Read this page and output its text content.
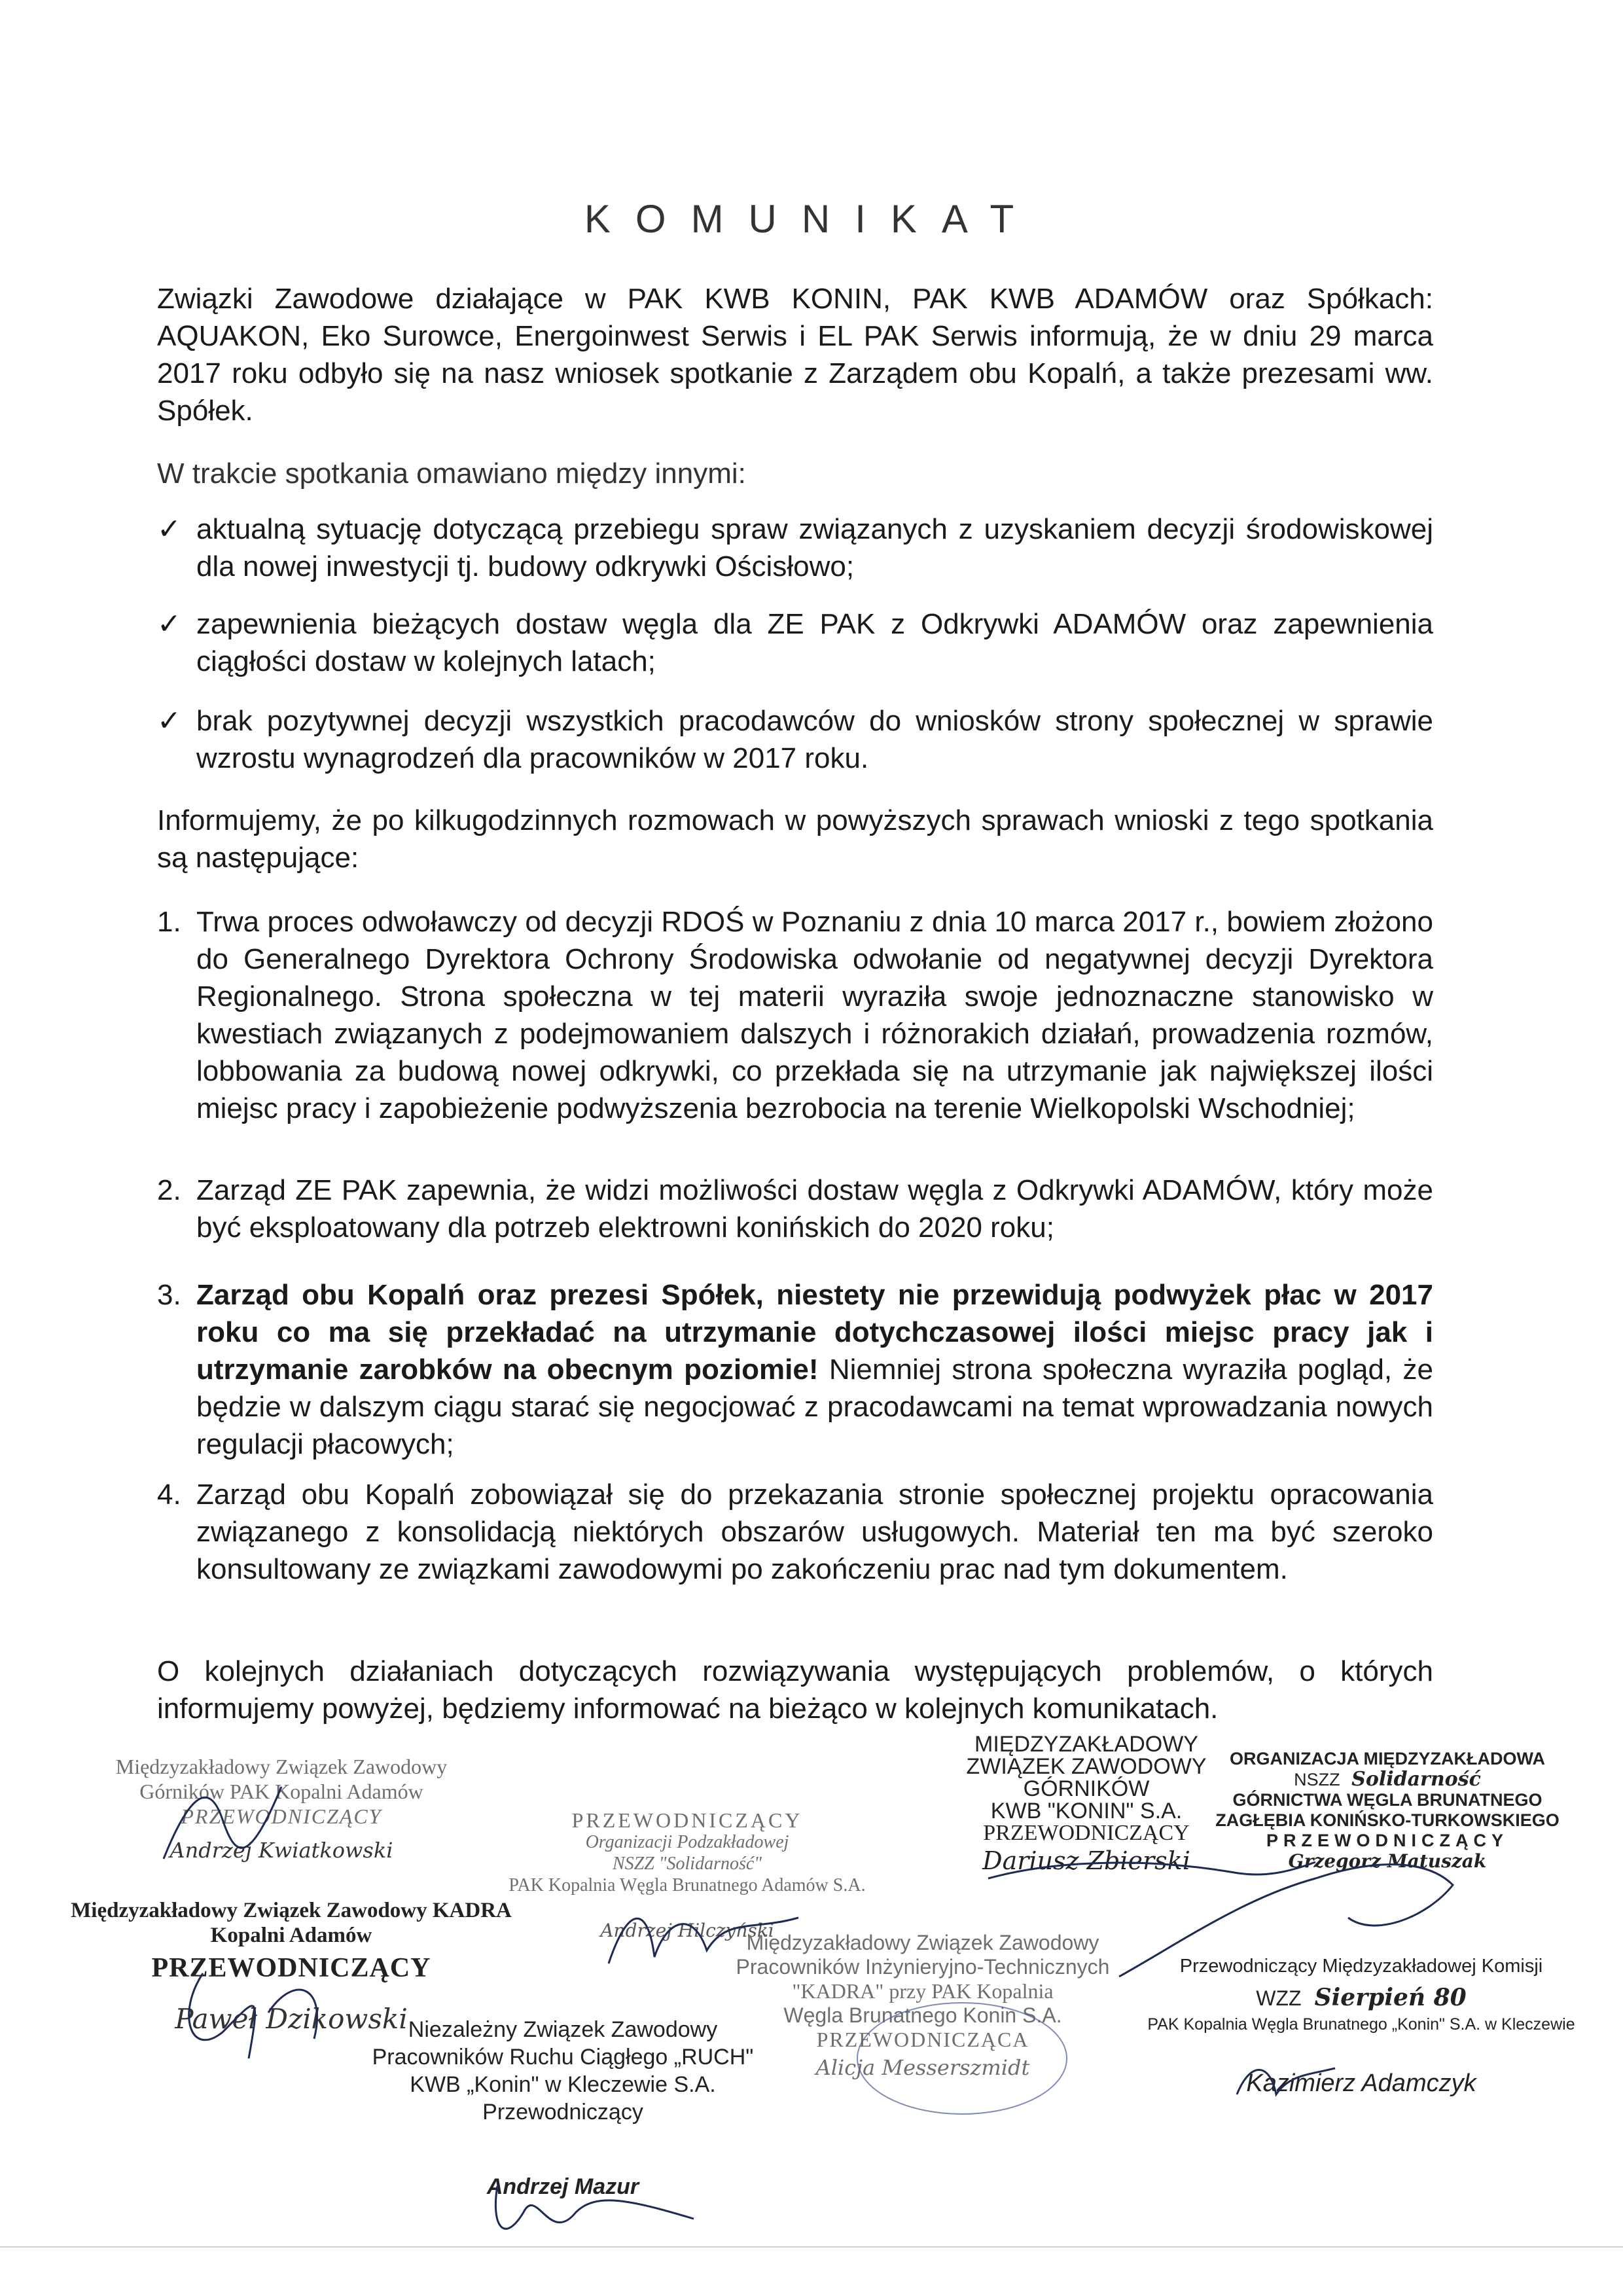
KOMUNIKAT

Związki Zawodowe działające w PAK KWB KONIN, PAK KWB ADAMÓW oraz Spółkach: AQUAKON, Eko Surowce, Energoinwest Serwis i EL PAK Serwis informują, że w dniu 29 marca 2017 roku odbyło się na nasz wniosek spotkanie z Zarządem obu Kopalń, a także prezesami ww. Spółek.

W trakcie spotkania omawiano między innymi:

✓ aktualną sytuację dotyczącą przebiegu spraw związanych z uzyskaniem decyzji środowiskowej dla nowej inwestycji tj. budowy odkrywki Ościsłowo;
✓ zapewnienia bieżących dostaw węgla dla ZE PAK z Odkrywki ADAMÓW oraz zapewnienia ciągłości dostaw w kolejnych latach;
✓ brak pozytywnej decyzji wszystkich pracodawców do wniosków strony społecznej w sprawie wzrostu wynagrodzeń dla pracowników w 2017 roku.

Informujemy, że po kilkugodzinnych rozmowach w powyższych sprawach wnioski z tego spotkania są następujące:

1. Trwa proces odwoławczy od decyzji RDOŚ w Poznaniu z dnia 10 marca 2017 r., bowiem złożono do Generalnego Dyrektora Ochrony Środowiska odwołanie od negatywnej decyzji Dyrektora Regionalnego. Strona społeczna w tej materii wyraziła swoje jednoznaczne stanowisko w kwestiach związanych z podejmowaniem dalszych i różnorakich działań, prowadzenia rozmów, lobbowania za budową nowej odkrywki, co przekłada się na utrzymanie jak największej ilości miejsc pracy i zapobieżenie podwyższenia bezrobocia na terenie Wielkopolski Wschodniej;
2. Zarząd ZE PAK zapewnia, że widzi możliwości dostaw węgla z Odkrywki ADAMÓW, który może być eksploatowany dla potrzeb elektrowni konińskich do 2020 roku;
3. Zarząd obu Kopalń oraz prezesi Spółek, niestety nie przewidują podwyżek płac w 2017 roku co ma się przekładać na utrzymanie dotychczasowej ilości miejsc pracy jak i utrzymanie zarobków na obecnym poziomie! Niemniej strona społeczna wyraziła pogląd, że będzie w dalszym ciągu starać się negocjować z pracodawcami na temat wprowadzania nowych regulacji płacowych;
4. Zarząd obu Kopalń zobowiązał się do przekazania stronie społecznej projektu opracowania związanego z konsolidacją niektórych obszarów usługowych. Materiał ten ma być szeroko konsultowany ze związkami zawodowymi po zakończeniu prac nad tym dokumentem.

O kolejnych działaniach dotyczących rozwiązywania występujących problemów, o których informujemy powyżej, będziemy informować na bieżąco w kolejnych komunikatach.

Międzyzakładowy Związek Zawodowy
Górników PAK Kopalni Adamów
PRZEWODNICZĄCY
Andrzej Kwiatkowski
Międzyzakładowy Związek Zawodowy KADRA
Kopalni Adamów
PRZEWODNICZĄCY
Paweł Dzikowski
PRZEWODNICZĄCY
Organizacji Podzakładowej
NSZZ "Solidarność"
PAK Kopalnia Węgla Brunatnego Adamów S.A.
Andrzej Hilczyński
MIĘDZYZAKŁADOWY
ZWIĄZEK ZAWODOWY GÓRNIKÓW
KWB "KONIN" S.A.
PRZEWODNICZĄCY
Dariusz Zbierski
ORGANIZACJA MIĘDZYZAKŁADOWA
NSZZ Solidarność
GÓRNICTWA WĘGLA BRUNATNEGO
ZAGŁĘBIA KONIŃSKO-TURKOWSKIEGO
PRZEWODNICZĄCY
Grzegorz Matuszak
Międzyzakładowy Związek Zawodowy
Pracowników Inżynieryjno-Technicznych
"KADRA" przy PAK Kopalnia
Węgla Brunatnego Konin S.A.
PRZEWODNICZĄCA
Alicja Messerszmidt
Niezależny Związek Zawodowy
Pracowników Ruchu Ciągłego „RUCH"
KWB „Konin" w Kleczewie S.A.
Przewodniczący
Andrzej Mazur
Przewodniczący Międzyzakładowej Komisji
WZZ Sierpień 80
PAK Kopalnia Węgla Brunatnego „Konin" S.A. w Kleczewie
Kazimierz Adamczyk
